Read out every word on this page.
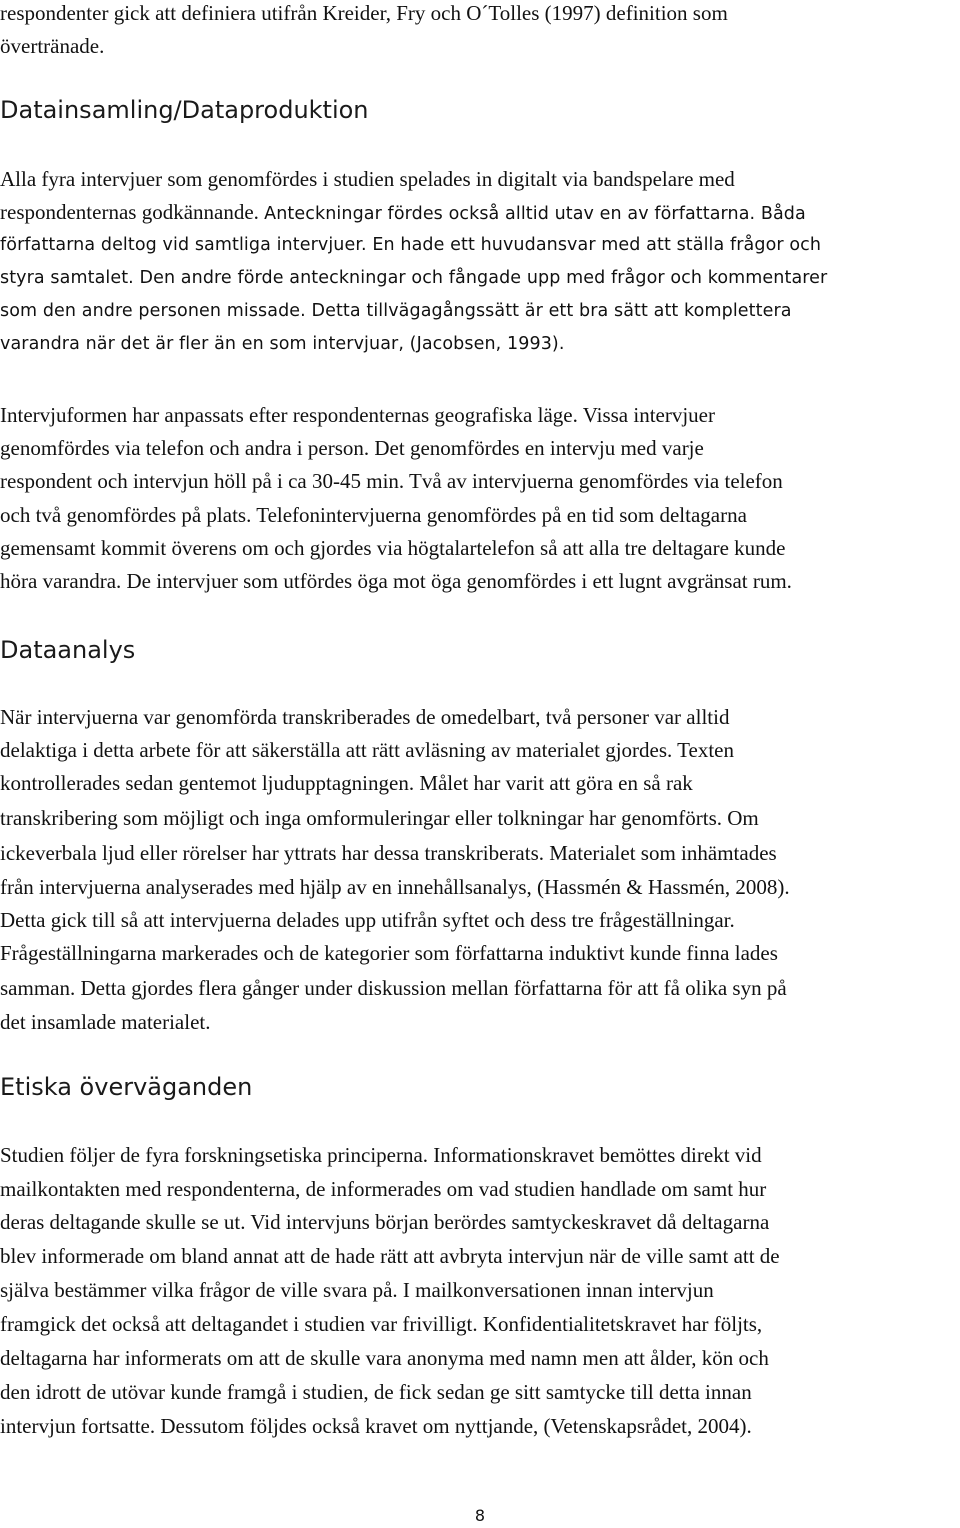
respondenter gick att definiera utifrån Kreider, Fry och O´Tolles (1997) definition som

övertränade.

Datainsamling/Dataproduktion

Alla fyra intervjuer som genomfördes i studien spelades in digitalt via bandspelare med

respondenternas godkännande. Anteckningar fördes också alltid utav en av författarna. Båda

författarna deltog vid samtliga intervjuer. En hade ett huvudansvar med att ställa frågor och

styra samtalet. Den andre förde anteckningar och fångade upp med frågor och kommentarer

som den andre personen missade. Detta tillvägagångssätt är ett bra sätt att komplettera

varandra när det är fler än en som intervjuar, (Jacobsen, 1993).

Intervjuformen har anpassats efter respondenternas geografiska läge. Vissa intervjuer

genomfördes via telefon och andra i person. Det genomfördes en intervju med varje

respondent och intervjun höll på i ca 30-45 min. Två av intervjuerna genomfördes via telefon

och två genomfördes på plats. Telefonintervjuerna genomfördes på en tid som deltagarna

gemensamt kommit överens om och gjordes via högtalartelefon så att alla tre deltagare kunde

höra varandra. De intervjuer som utfördes öga mot öga genomfördes i ett lugnt avgränsat rum.

Dataanalys

När intervjuerna var genomförda transkriberades de omedelbart, två personer var alltid

delaktiga i detta arbete för att säkerställa att rätt avläsning av materialet gjordes. Texten

kontrollerades sedan gentemot ljudupptagningen. Målet har varit att göra en så rak

transkribering som möjligt och inga omformuleringar eller tolkningar har genomförts. Om

ickeverbala ljud eller rörelser har yttrats har dessa transkriberats. Materialet som inhämtades

från intervjuerna analyserades med hjälp av en innehållsanalys, (Hassmén & Hassmén, 2008).

Detta gick till så att intervjuerna delades upp utifrån syftet och dess tre frågeställningar.

Frågeställningarna markerades och de kategorier som författarna induktivt kunde finna lades

samman. Detta gjordes flera gånger under diskussion mellan författarna för att få olika syn på

det insamlade materialet.

Etiska överväganden

Studien följer de fyra forskningsetiska principerna. Informationskravet bemöttes direkt vid

mailkontakten med respondenterna, de informerades om vad studien handlade om samt hur

deras deltagande skulle se ut. Vid intervjuns början berördes samtyckeskravet då deltagarna

blev informerade om bland annat att de hade rätt att avbryta intervjun när de ville samt att de

själva bestämmer vilka frågor de ville svara på. I mailkonversationen innan intervjun

framgick det också att deltagandet i studien var frivilligt. Konfidentialitetskravet har följts,

deltagarna har informerats om att de skulle vara anonyma med namn men att ålder, kön och

den idrott de utövar kunde framgå i studien, de fick sedan ge sitt samtycke till detta innan

intervjun fortsatte. Dessutom följdes också kravet om nyttjande, (Vetenskapsrådet, 2004).

8
